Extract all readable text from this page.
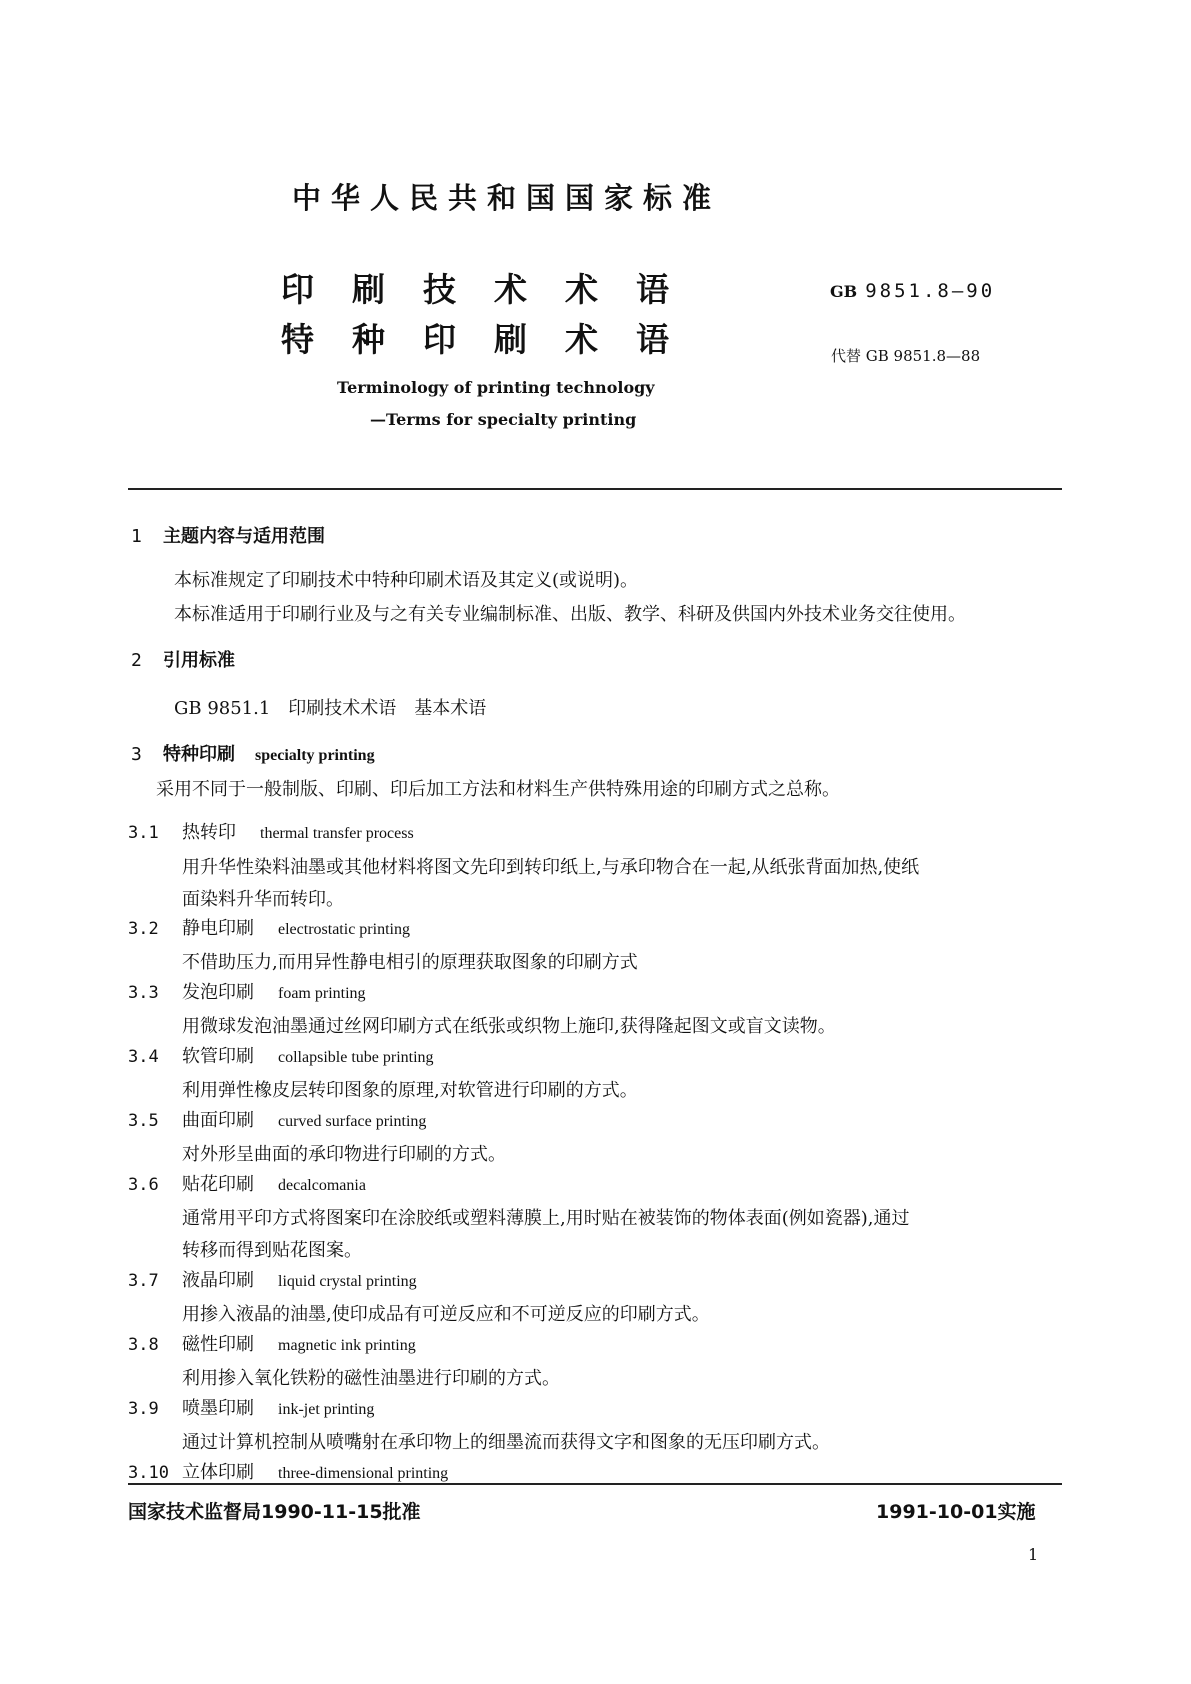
中华人民共和国国家标准
印刷技术术语
特种印刷术语
GB 9851.8—90
代替 GB 9851.8—88
Terminology of printing technology
—Terms for specialty printing
1 主题内容与适用范围
本标准规定了印刷技术中特种印刷术语及其定义(或说明)。
本标准适用于印刷行业及与之有关专业编制标准、出版、教学、科研及供国内外技术业务交往使用。
2 引用标准
GB 9851.1　印刷技术术语　基本术语
3 特种印刷 specialty printing
采用不同于一般制版、印刷、印后加工方法和材料生产供特殊用途的印刷方式之总称。
3.1 热转印 thermal transfer process
用升华性染料油墨或其他材料将图文先印到转印纸上,与承印物合在一起,从纸张背面加热,使纸
面染料升华而转印。
3.2 静电印刷 electrostatic printing
不借助压力,而用异性静电相引的原理获取图象的印刷方式
3.3 发泡印刷 foam printing
用微球发泡油墨通过丝网印刷方式在纸张或织物上施印,获得隆起图文或盲文读物。
3.4 软管印刷 collapsible tube printing
利用弹性橡皮层转印图象的原理,对软管进行印刷的方式。
3.5 曲面印刷 curved surface printing
对外形呈曲面的承印物进行印刷的方式。
3.6 贴花印刷 decalcomania
通常用平印方式将图案印在涂胶纸或塑料薄膜上,用时贴在被装饰的物体表面(例如瓷器),通过
转移而得到贴花图案。
3.7 液晶印刷 liquid crystal printing
用掺入液晶的油墨,使印成品有可逆反应和不可逆反应的印刷方式。
3.8 磁性印刷 magnetic ink printing
利用掺入氧化铁粉的磁性油墨进行印刷的方式。
3.9 喷墨印刷 ink-jet printing
通过计算机控制从喷嘴射在承印物上的细墨流而获得文字和图象的无压印刷方式。
3.10 立体印刷 three-dimensional printing
国家技术监督局1990-11-15批准	1991-10-01实施
1
